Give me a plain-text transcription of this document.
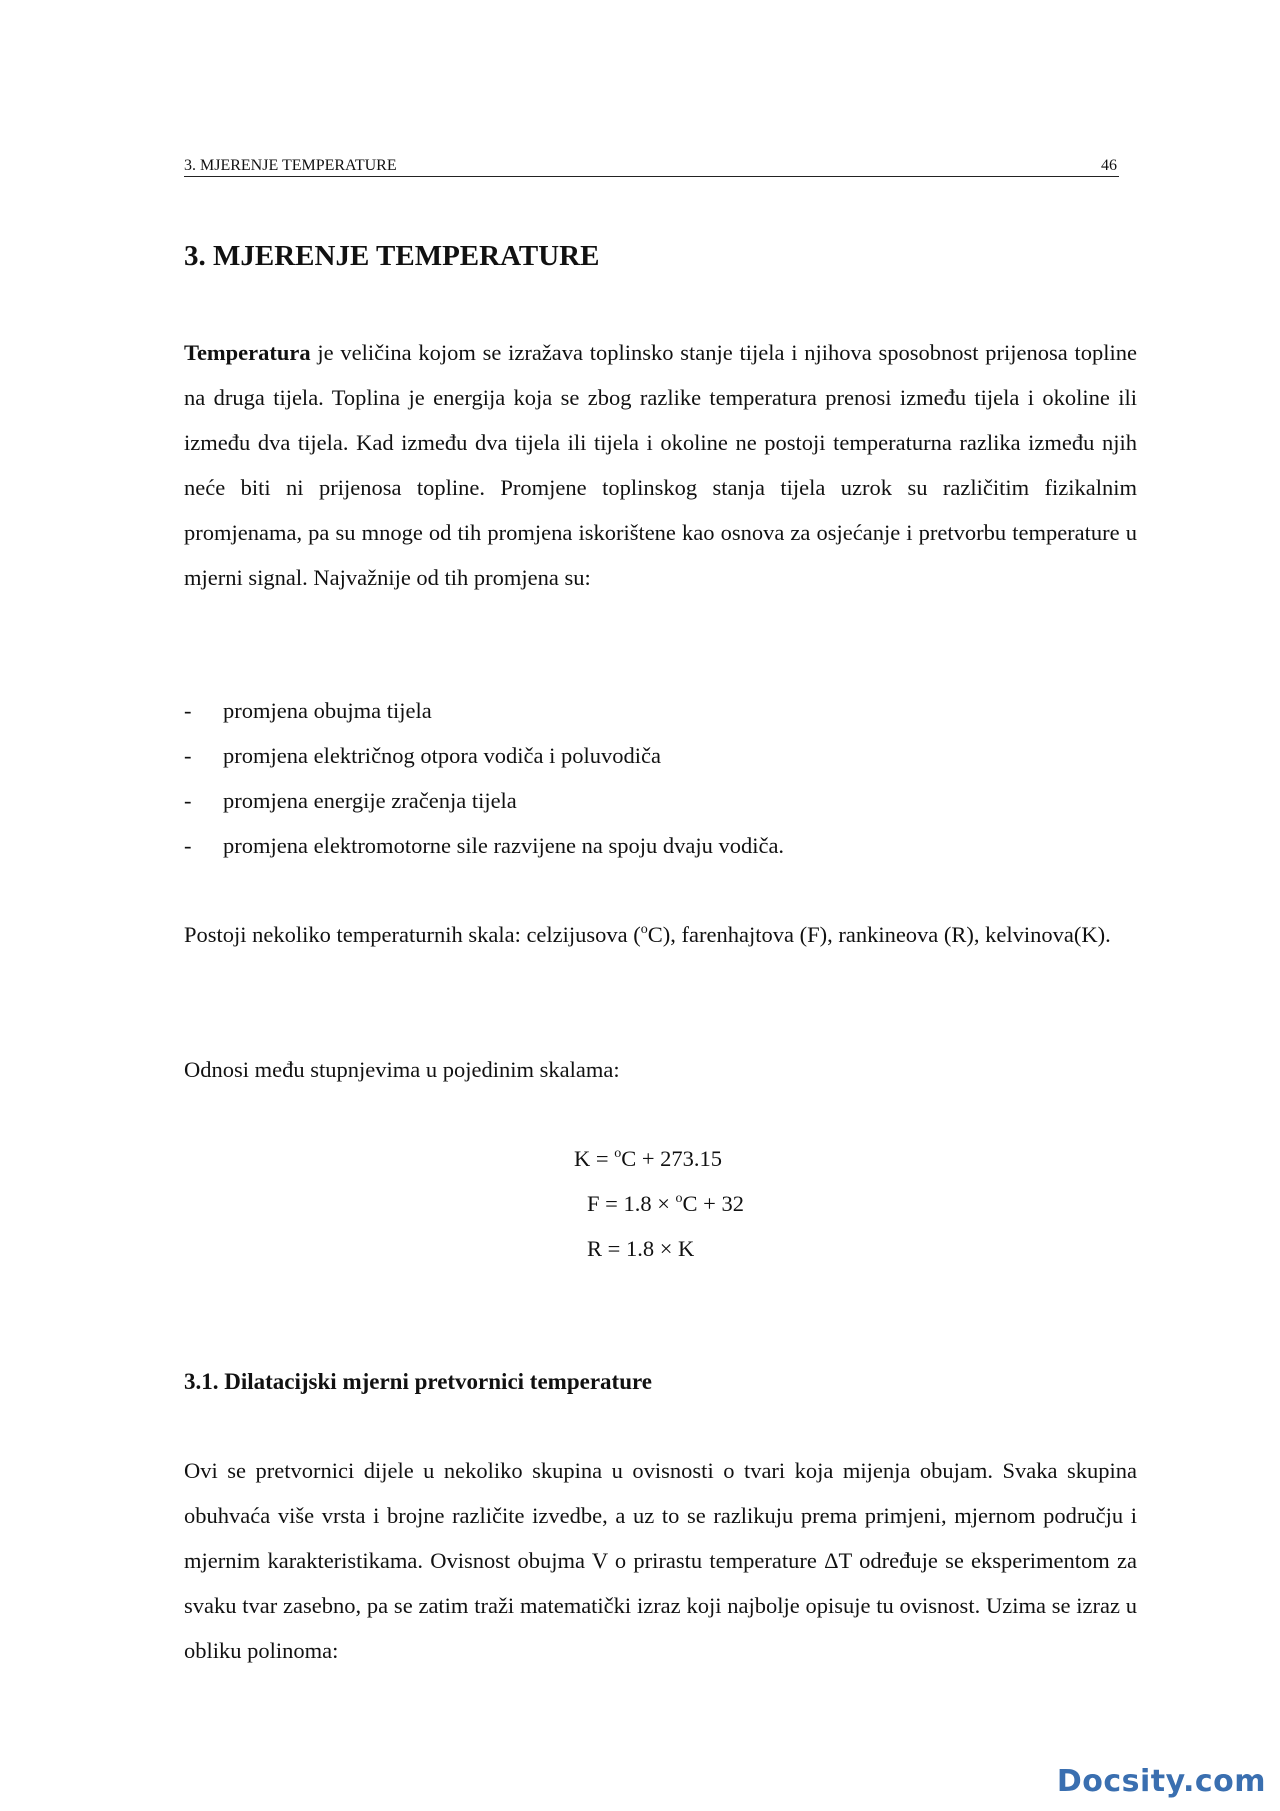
3. MJERENJE TEMPERATURE	46
3. MJERENJE TEMPERATURE

Temperatura je veličina kojom se izražava toplinsko stanje tijela i njihova sposobnost prijenosa topline na druga tijela. Toplina je energija koja se zbog razlike temperatura prenosi između tijela i okoline ili između dva tijela. Kad između dva tijela ili tijela i okoline ne postoji temperaturna razlika između njih neće biti ni prijenosa topline. Promjene toplinskog stanja tijela uzrok su različitim fizikalnim promjenama, pa su mnoge od tih promjena iskorištene kao osnova za osjećanje i pretvorbu temperature u mjerni signal. Najvažnije od tih promjena su:

- promjena obujma tijela
- promjena električnog otpora vodiča i poluvodiča
- promjena energije zračenja tijela
- promjena elektromotorne sile razvijene na spoju dvaju vodiča.

Postoji nekoliko temperaturnih skala: celzijusova ($^o$C), farenhajtova (F), rankineova (R), kelvinova(K).

Odnosi među stupnjevima u pojedinim skalama:

K = $^o$C + 273.15
F = 1.8 × $^o$C + 32
R = 1.8 × K
3.1. Dilatacijski mjerni pretvornici temperature

Ovi se pretvornici dijele u nekoliko skupina u ovisnosti o tvari koja mijenja obujam. Svaka skupina obuhvaća više vrsta i brojne različite izvedbe, a uz to se razlikuju prema primjeni, mjernom području i mjernim karakteristikama. Ovisnost obujma V o prirastu temperature ΔT određuje se eksperimentom za svaku tvar zasebno, pa se zatim traži matematički izraz koji najbolje opisuje tu ovisnost. Uzima se izraz u obliku polinoma:

Docsity.com
